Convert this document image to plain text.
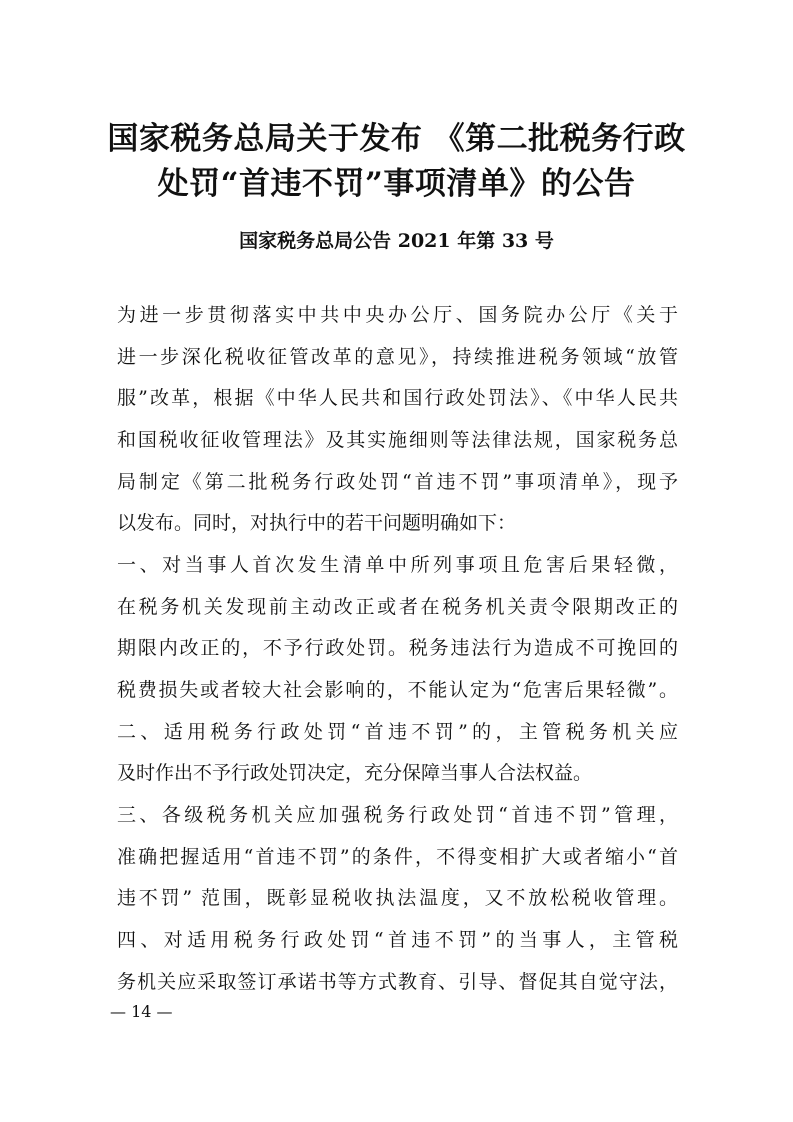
国家税务总局关于发布 《第二批税务行政
处罚“首违不罚”事项清单》的公告
国家税务总局公告 2021 年第 33 号
为进一步贯彻落实中共中央办公厅、国务院办公厅《关于
进一步深化税收征管改革的意见》，持续推进税务领域“放管
服”改革，根据《中华人民共和国行政处罚法》、《中华人民共
和国税收征收管理法》及其实施细则等法律法规，国家税务总
局制定《第二批税务行政处罚“首违不罚”事项清单》，现予
以发布。同时，对执行中的若干问题明确如下：
一、对当事人首次发生清单中所列事项且危害后果轻微，
在税务机关发现前主动改正或者在税务机关责令限期改正的
期限内改正的，不予行政处罚。税务违法行为造成不可挽回的
税费损失或者较大社会影响的，不能认定为“危害后果轻微”。
二、适用税务行政处罚“首违不罚”的，主管税务机关应
及时作出不予行政处罚决定，充分保障当事人合法权益。
三、各级税务机关应加强税务行政处罚“首违不罚”管理，
准确把握适用“首违不罚”的条件，不得变相扩大或者缩小“首
违不罚” 范围，既彰显税收执法温度，又不放松税收管理。
四、对适用税务行政处罚“首违不罚”的当事人，主管税
务机关应采取签订承诺书等方式教育、引导、督促其自觉守法，
— 14 —
